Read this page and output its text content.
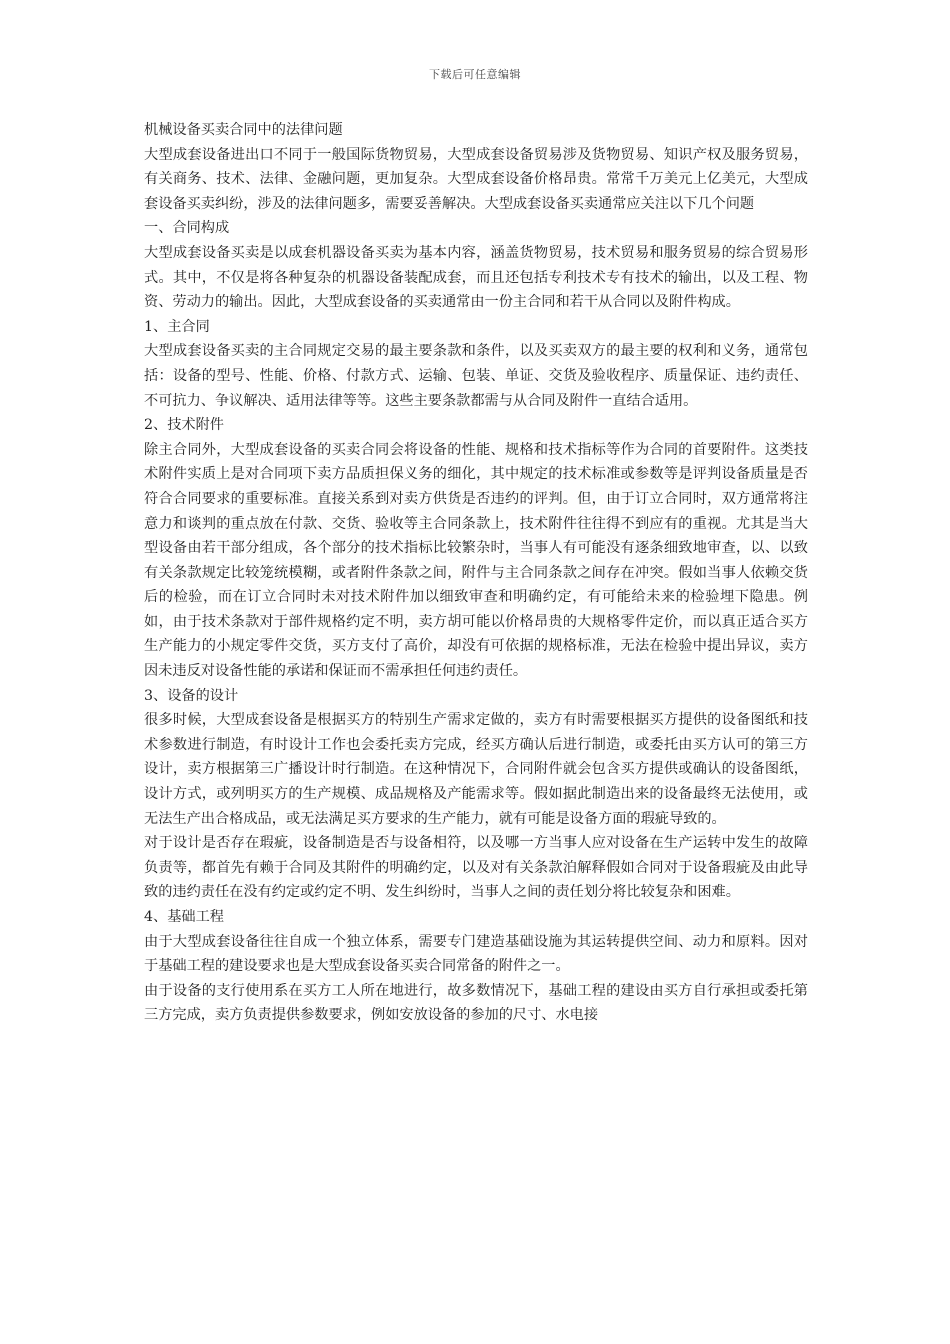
下载后可任意编辑

机械设备买卖合同中的法律问题

大型成套设备进出口不同于一般国际货物贸易，大型成套设备贸易涉及货物贸易、知识产权及服务贸易，有关商务、技术、法律、金融问题，更加复杂。大型成套设备价格昂贵。常常千万美元上亿美元，大型成套设备买卖纠纷，涉及的法律问题多，需要妥善解决。大型成套设备买卖通常应关注以下几个问题

一、合同构成

大型成套设备买卖是以成套机器设备买卖为基本内容，涵盖货物贸易，技术贸易和服务贸易的综合贸易形式。其中，不仅是将各种复杂的机器设备装配成套，而且还包括专利技术专有技术的输出，以及工程、物资、劳动力的输出。因此，大型成套设备的买卖通常由一份主合同和若干从合同以及附件构成。

1、主合同

大型成套设备买卖的主合同规定交易的最主要条款和条件，以及买卖双方的最主要的权利和义务，通常包括：设备的型号、性能、价格、付款方式、运输、包装、单证、交货及验收程序、质量保证、违约责任、不可抗力、争议解决、适用法律等等。这些主要条款都需与从合同及附件一直结合适用。

2、技术附件

除主合同外，大型成套设备的买卖合同会将设备的性能、规格和技术指标等作为合同的首要附件。这类技术附件实质上是对合同项下卖方品质担保义务的细化，其中规定的技术标准或参数等是评判设备质量是否符合合同要求的重要标准。直接关系到对卖方供货是否违约的评判。但，由于订立合同时，双方通常将注意力和谈判的重点放在付款、交货、验收等主合同条款上，技术附件往往得不到应有的重视。尤其是当大型设备由若干部分组成，各个部分的技术指标比较繁杂时，当事人有可能没有逐条细致地审查，以、以致有关条款规定比较笼统模糊，或者附件条款之间，附件与主合同条款之间存在冲突。假如当事人依赖交货后的检验，而在订立合同时未对技术附件加以细致审查和明确约定，有可能给未来的检验埋下隐患。例如，由于技术条款对于部件规格约定不明，卖方胡可能以价格昂贵的大规格零件定价，而以真正适合买方生产能力的小规定零件交货，买方支付了高价，却没有可依据的规格标准，无法在检验中提出异议，卖方因未违反对设备性能的承诺和保证而不需承担任何违约责任。

3、设备的设计

很多时候，大型成套设备是根据买方的特别生产需求定做的，卖方有时需要根据买方提供的设备图纸和技术参数进行制造，有时设计工作也会委托卖方完成，经买方确认后进行制造，或委托由买方认可的第三方设计，卖方根据第三广播设计时行制造。在这种情况下，合同附件就会包含买方提供或确认的设备图纸，设计方式，或列明买方的生产规模、成品规格及产能需求等。假如据此制造出来的设备最终无法使用，或无法生产出合格成品，或无法满足买方要求的生产能力，就有可能是设备方面的瑕疵导致的。

对于设计是否存在瑕疵，设备制造是否与设备相符，以及哪一方当事人应对设备在生产运转中发生的故障负责等，都首先有赖于合同及其附件的明确约定，以及对有关条款泊解释假如合同对于设备瑕疵及由此导致的违约责任在没有约定或约定不明、发生纠纷时，当事人之间的责任划分将比较复杂和困难。

4、基础工程

由于大型成套设备往往自成一个独立体系，需要专门建造基础设施为其运转提供空间、动力和原料。因对于基础工程的建设要求也是大型成套设备买卖合同常备的附件之一。

由于设备的支行使用系在买方工人所在地进行，故多数情况下，基础工程的建设由买方自行承担或委托第三方完成，卖方负责提供参数要求，例如安放设备的参加的尺寸、水电接
